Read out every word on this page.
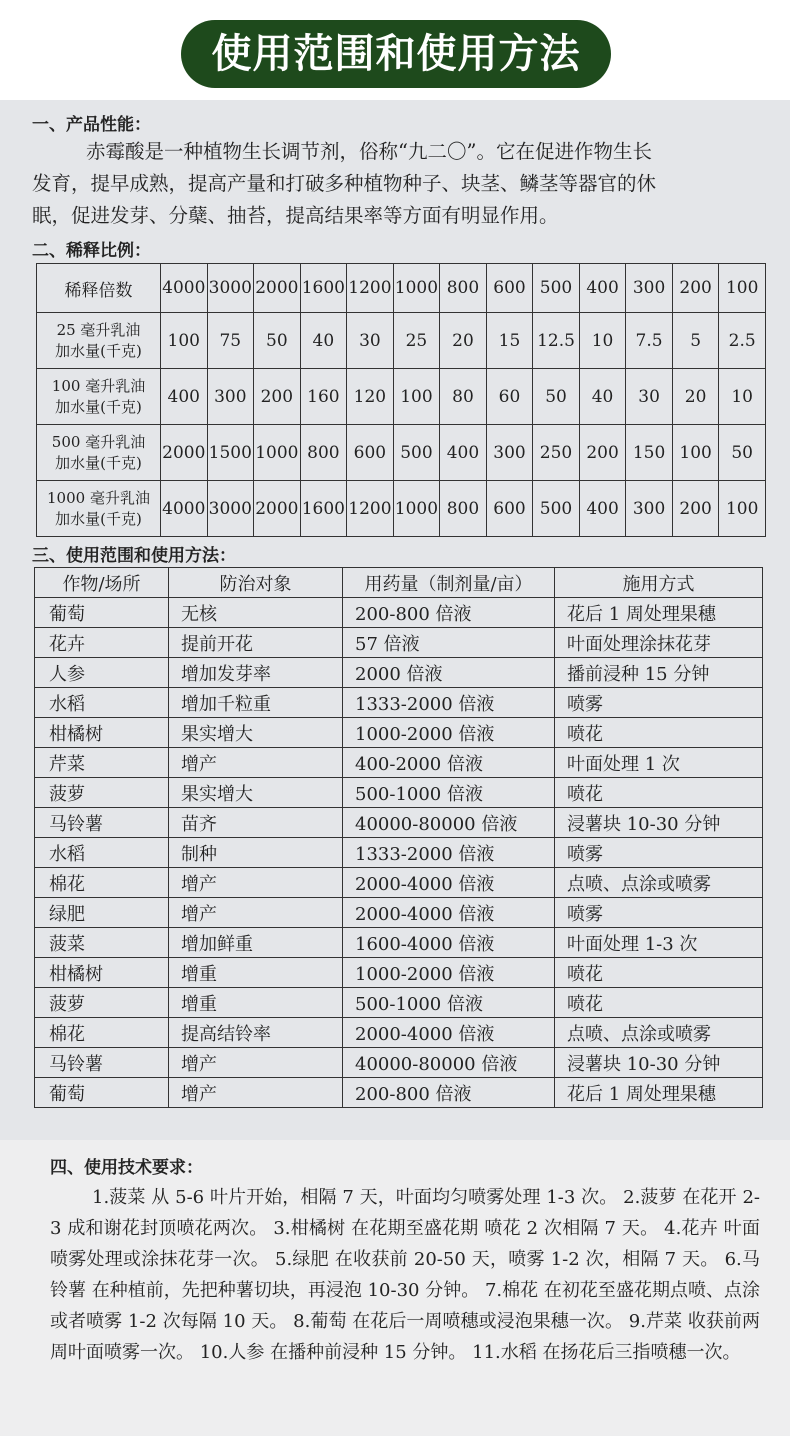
使用范围和使用方法
一、产品性能：
赤霉酸是一种植物生长调节剂，俗称“九二〇”。它在促进作物生长
发育，提早成熟，提高产量和打破多种植物种子、块茎、鳞茎等器官的休
眠，促进发芽、分蘖、抽苔，提高结果率等方面有明显作用。
二、稀释比例：
稀释倍数	4000	3000	2000	1600	1200	1000	800	600	500	400	300	200	100
25 毫升乳油
加水量(千克)	100	75	50	40	30	25	20	15	12.5	10	7.5	5	2.5
100 毫升乳油
加水量(千克)	400	300	200	160	120	100	80	60	50	40	30	20	10
500 毫升乳油
加水量(千克)	2000	1500	1000	800	600	500	400	300	250	200	150	100	50
1000 毫升乳油
加水量(千克)	4000	3000	2000	1600	1200	1000	800	600	500	400	300	200	100
三、使用范围和使用方法：
作物/场所	防治对象	用药量（制剂量/亩）	施用方式
葡萄	无核	200-800 倍液	花后 1 周处理果穗
花卉	提前开花	57 倍液	叶面处理涂抹花芽
人参	增加发芽率	2000 倍液	播前浸种 15 分钟
水稻	增加千粒重	1333-2000 倍液	喷雾
柑橘树	果实增大	1000-2000 倍液	喷花
芹菜	增产	400-2000 倍液	叶面处理 1 次
菠萝	果实增大	500-1000 倍液	喷花
马铃薯	苗齐	40000-80000 倍液	浸薯块 10-30 分钟
水稻	制种	1333-2000 倍液	喷雾
棉花	增产	2000-4000 倍液	点喷、点涂或喷雾
绿肥	增产	2000-4000 倍液	喷雾
菠菜	增加鲜重	1600-4000 倍液	叶面处理 1-3 次
柑橘树	增重	1000-2000 倍液	喷花
菠萝	增重	500-1000 倍液	喷花
棉花	提高结铃率	2000-4000 倍液	点喷、点涂或喷雾
马铃薯	增产	40000-80000 倍液	浸薯块 10-30 分钟
葡萄	增产	200-800 倍液	花后 1 周处理果穗
四、使用技术要求：
1.菠菜 从 5-6 叶片开始，相隔 7 天，叶面均匀喷雾处理 1-3 次。 2.菠萝 在花开 2-3 成和谢花封顶喷花两次。 3.柑橘树 在花期至盛花期 喷花 2 次相隔 7 天。 4.花卉 叶面喷雾处理或涂抹花芽一次。 5.绿肥 在收获前 20-50 天，喷雾 1-2 次，相隔 7 天。 6.马铃薯 在种植前，先把种薯切块，再浸泡 10-30 分钟。 7.棉花 在初花至盛花期点喷、点涂或者喷雾 1-2 次每隔 10 天。 8.葡萄 在花后一周喷穗或浸泡果穗一次。 9.芹菜 收获前两周叶面喷雾一次。 10.人参 在播种前浸种 15 分钟。 11.水稻 在扬花后三指喷穗一次。
